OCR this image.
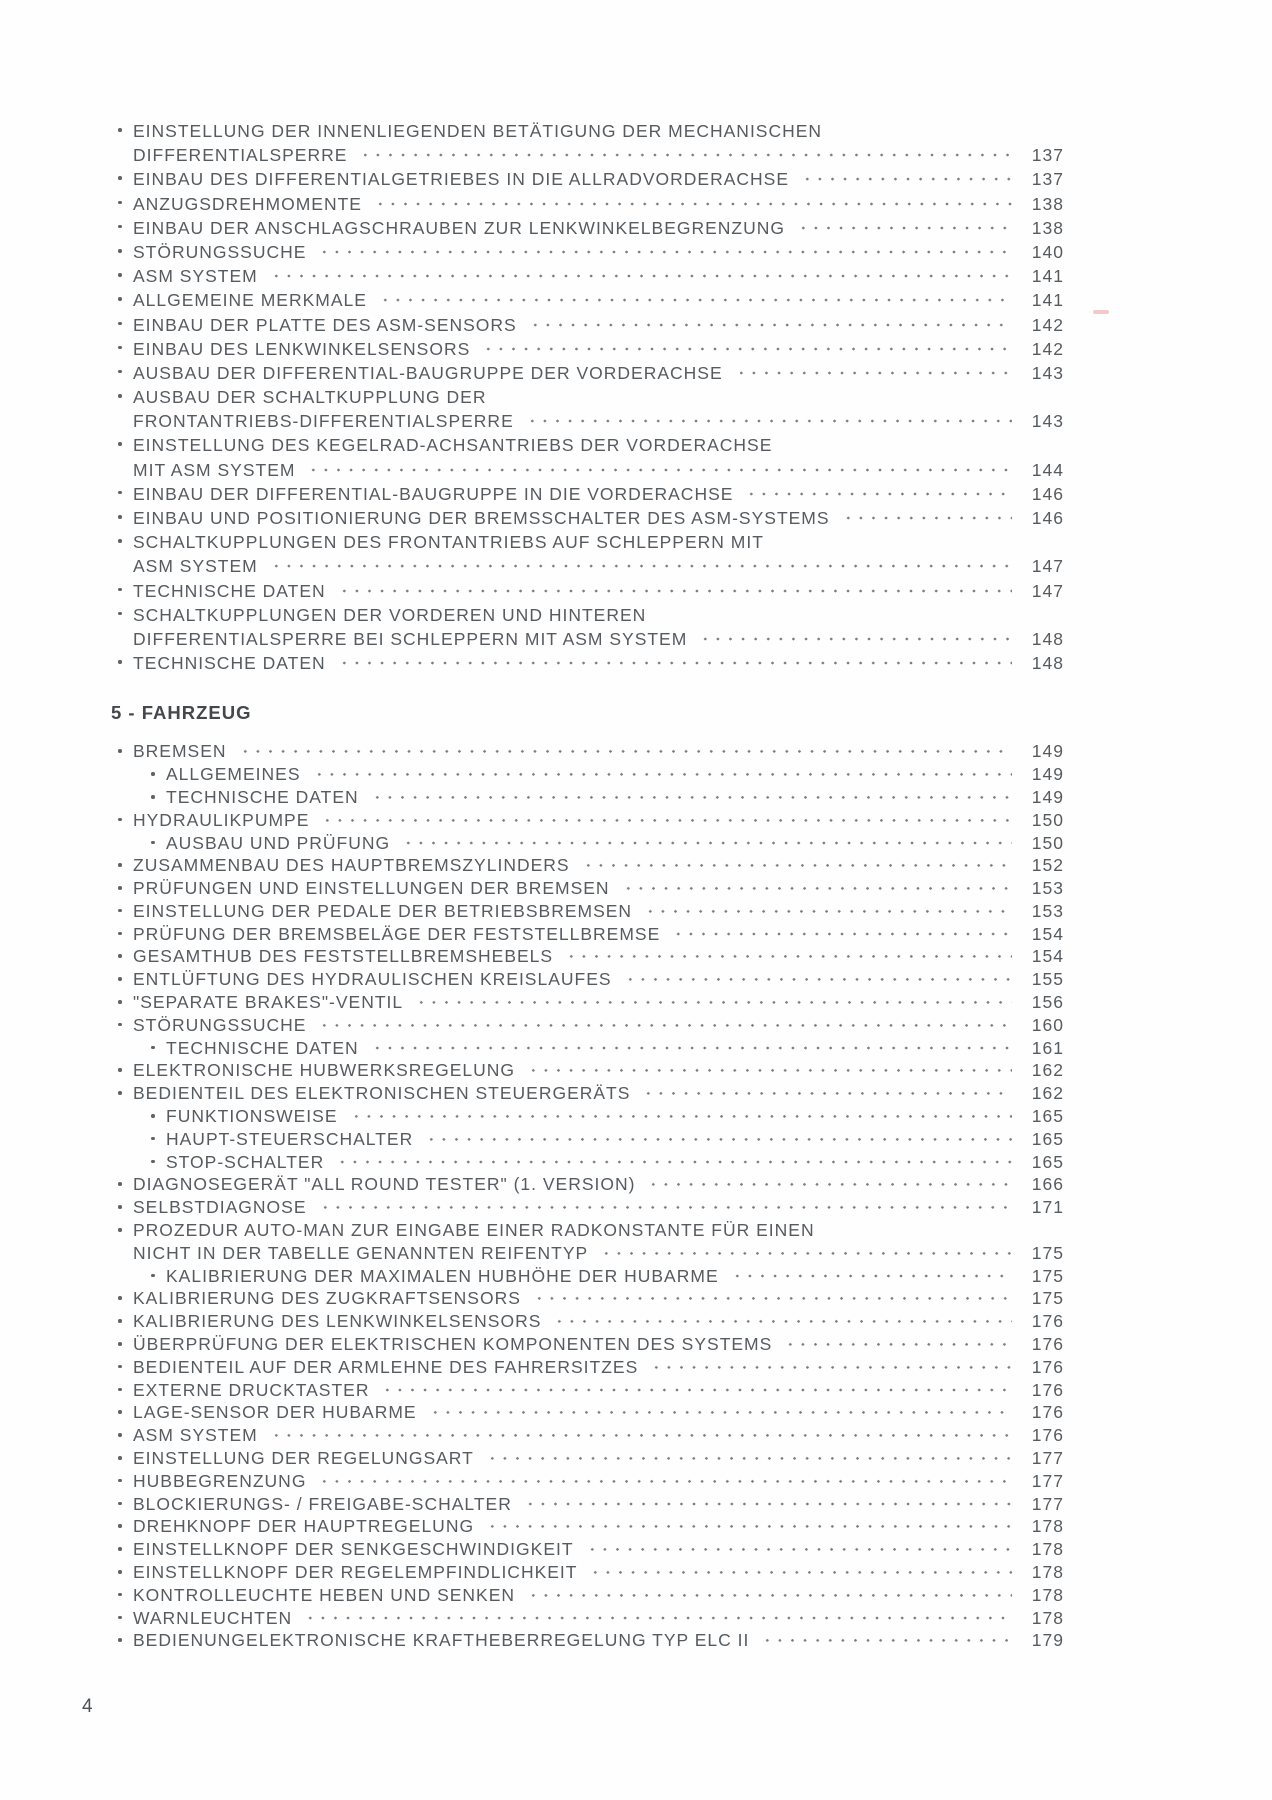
EINSTELLUNG DER INNENLIEGENDEN BETÄTIGUNG DER MECHANISCHEN
DIFFERENTIALSPERRE	137
EINBAU DES DIFFERENTIALGETRIEBES IN DIE ALLRADVORDERACHSE	137
ANZUGSDREHMOMENTE	138
EINBAU DER ANSCHLAGSCHRAUBEN ZUR LENKWINKELBEGRENZUNG	138
STÖRUNGSSUCHE	140
ASM SYSTEM	141
ALLGEMEINE MERKMALE	141
EINBAU DER PLATTE DES ASM-SENSORS	142
EINBAU DES LENKWINKELSENSORS	142
AUSBAU DER DIFFERENTIAL-BAUGRUPPE DER VORDERACHSE	143
AUSBAU DER SCHALTKUPPLUNG DER
FRONTANTRIEBS-DIFFERENTIALSPERRE	143
EINSTELLUNG DES KEGELRAD-ACHSANTRIEBS DER VORDERACHSE
MIT ASM SYSTEM	144
EINBAU DER DIFFERENTIAL-BAUGRUPPE IN DIE VORDERACHSE	146
EINBAU UND POSITIONIERUNG DER BREMSSCHALTER DES ASM-SYSTEMS	146
SCHALTKUPPLUNGEN DES FRONTANTRIEBS AUF SCHLEPPERN MIT
ASM SYSTEM	147
TECHNISCHE DATEN	147
SCHALTKUPPLUNGEN DER VORDEREN UND HINTEREN
DIFFERENTIALSPERRE BEI SCHLEPPERN MIT ASM SYSTEM	148
TECHNISCHE DATEN	148
5 - FAHRZEUG
BREMSEN	149
ALLGEMEINES	149
TECHNISCHE DATEN	149
HYDRAULIKPUMPE	150
AUSBAU UND PRÜFUNG	150
ZUSAMMENBAU DES HAUPTBREMSZYLINDERS	152
PRÜFUNGEN UND EINSTELLUNGEN DER BREMSEN	153
EINSTELLUNG DER PEDALE DER BETRIEBSBREMSEN	153
PRÜFUNG DER BREMSBELÄGE DER FESTSTELLBREMSE	154
GESAMTHUB DES FESTSTELLBREMSHEBELS	154
ENTLÜFTUNG DES HYDRAULISCHEN KREISLAUFES	155
"SEPARATE BRAKES"-VENTIL	156
STÖRUNGSSUCHE	160
TECHNISCHE DATEN	161
ELEKTRONISCHE HUBWERKSREGELUNG	162
BEDIENTEIL DES ELEKTRONISCHEN STEUERGERÄTS	162
FUNKTIONSWEISE	165
HAUPT-STEUERSCHALTER	165
STOP-SCHALTER	165
DIAGNOSEGERÄT "ALL ROUND TESTER" (1. VERSION)	166
SELBSTDIAGNOSE	171
PROZEDUR AUTO-MAN ZUR EINGABE EINER RADKONSTANTE FÜR EINEN
NICHT IN DER TABELLE GENANNTEN REIFENTYP	175
KALIBRIERUNG DER MAXIMALEN HUBHÖHE DER HUBARME	175
KALIBRIERUNG DES ZUGKRAFTSENSORS	175
KALIBRIERUNG DES LENKWINKELSENSORS	176
ÜBERPRÜFUNG DER ELEKTRISCHEN KOMPONENTEN DES SYSTEMS	176
BEDIENTEIL AUF DER ARMLEHNE DES FAHRERSITZES	176
EXTERNE DRUCKTASTER	176
LAGE-SENSOR DER HUBARME	176
ASM SYSTEM	176
EINSTELLUNG DER REGELUNGSART	177
HUBBEGRENZUNG	177
BLOCKIERUNGS- / FREIGABE-SCHALTER	177
DREHKNOPF DER HAUPTREGELUNG	178
EINSTELLKNOPF DER SENKGESCHWINDIGKEIT	178
EINSTELLKNOPF DER REGELEMPFINDLICHKEIT	178
KONTROLLEUCHTE HEBEN UND SENKEN	178
WARNLEUCHTEN	178
BEDIENUNGELEKTRONISCHE KRAFTHEBERREGELUNG TYP ELC II	179
4
